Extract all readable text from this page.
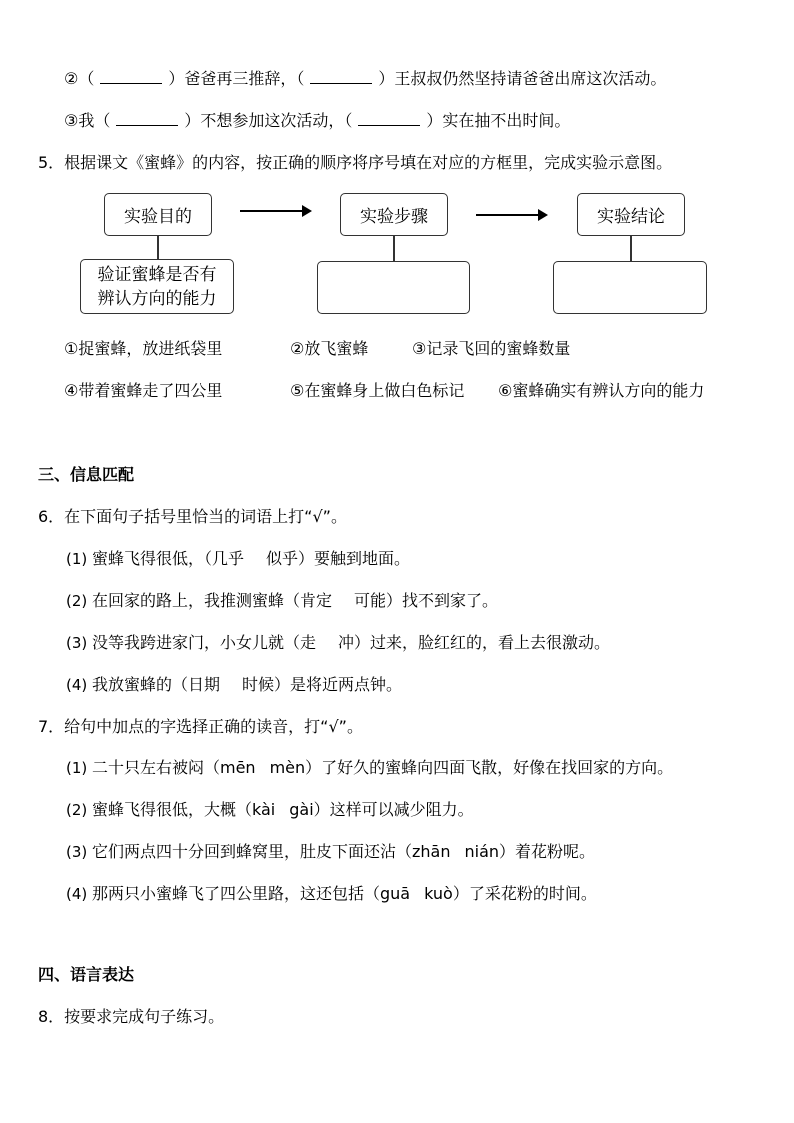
②（	）爸爸再三推辞，（	）王叔叔仍然坚持请爸爸出席这次活动。
③我（	）不想参加这次活动，（	）实在抽不出时间。
5．根据课文《蜜蜂》的内容，按正确的顺序将序号填在对应的方框里，完成实验示意图。
实验目的	实验步骤	实验结论
验证蜜蜂是否有
辨认方向的能力
①捉蜜蜂，放进纸袋里	②放飞蜜蜂	③记录飞回的蜜蜂数量
④带着蜜蜂走了四公里	⑤在蜜蜂身上做白色标记 ⑥蜜蜂确实有辨认方向的能力
三、信息匹配
6．在下面句子括号里恰当的词语上打“√”。
(1) 蜜蜂飞得很低，（几乎 似乎）要触到地面。
(2) 在回家的路上，我推测蜜蜂（肯定 可能）找不到家了。
(3) 没等我跨进家门，小女儿就（走 冲）过来，脸红红的，看上去很激动。
(4) 我放蜜蜂的（日期 时候）是将近两点钟。
7．给句中加点的字选择正确的读音，打“√”。
(1) 二十只左右被闷（mēn mèn）了好久的蜜蜂向四面飞散，好像在找回家的方向。
(2) 蜜蜂飞得很低，大概（kài gài）这样可以减少阻力。
(3) 它们两点四十分回到蜂窝里，肚皮下面还沾（zhān nián）着花粉呢。
(4) 那两只小蜜蜂飞了四公里路，这还包括（guā kuò）了采花粉的时间。
四、语言表达
8．按要求完成句子练习。
